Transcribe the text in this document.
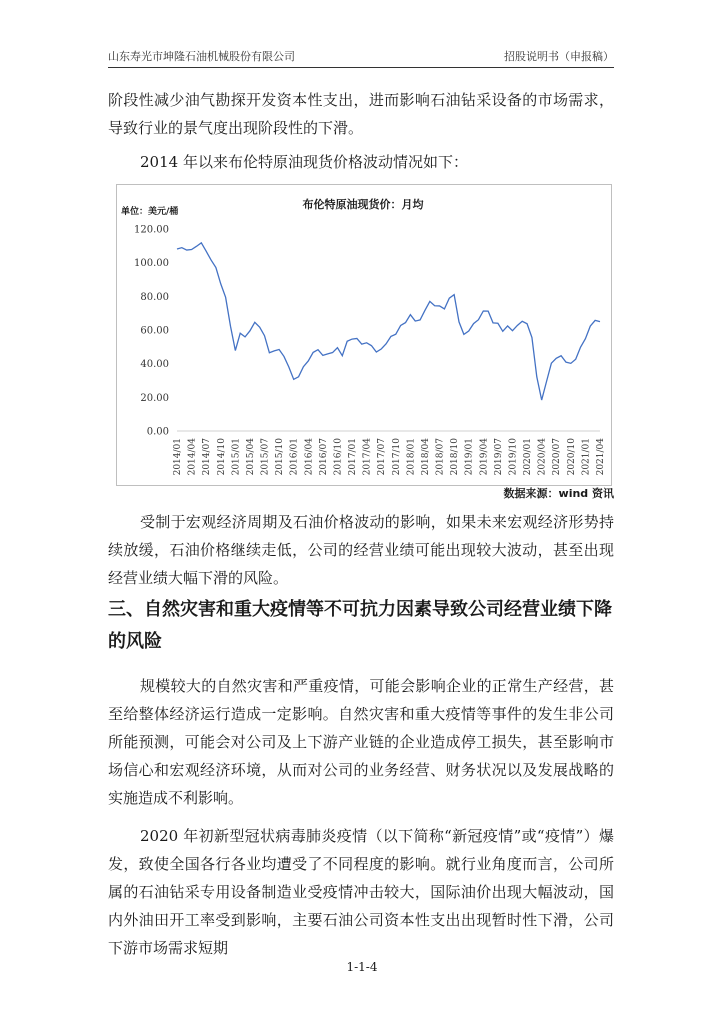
山东寿光市坤隆石油机械股份有限公司	招股说明书（申报稿）

阶段性减少油气勘探开发资本性支出，进而影响石油钻采设备的市场需求，导致行业的景气度出现阶段性的下滑。

2014 年以来布伦特原油现货价格波动情况如下：

布伦特原油现货价：月均
单位：美元/桶
0.00
20.00
40.00
60.00
80.00
100.00
120.00
2014/01 2014/04 2014/07 2014/10 2015/01 2015/04 2015/07 2015/10 2016/01 2016/04 2016/07 2016/10 2017/01 2017/04 2017/07 2017/10 2018/01 2018/04 2018/07 2018/10 2019/01 2019/04 2019/07 2019/10 2020/01 2020/04 2020/07 2020/10 2021/01 2021/04
数据来源：wind 资讯

受制于宏观经济周期及石油价格波动的影响，如果未来宏观经济形势持续放缓，石油价格继续走低，公司的经营业绩可能出现较大波动，甚至出现经营业绩大幅下滑的风险。

三、自然灾害和重大疫情等不可抗力因素导致公司经营业绩下降的风险

规模较大的自然灾害和严重疫情，可能会影响企业的正常生产经营，甚至给整体经济运行造成一定影响。自然灾害和重大疫情等事件的发生非公司所能预测，可能会对公司及上下游产业链的企业造成停工损失，甚至影响市场信心和宏观经济环境，从而对公司的业务经营、财务状况以及发展战略的实施造成不利影响。

2020 年初新型冠状病毒肺炎疫情（以下简称“新冠疫情”或“疫情”）爆发，致使全国各行各业均遭受了不同程度的影响。就行业角度而言，公司所属的石油钻采专用设备制造业受疫情冲击较大，国际油价出现大幅波动，国内外油田开工率受到影响，主要石油公司资本性支出出现暂时性下滑，公司下游市场需求短期

1-1-4
